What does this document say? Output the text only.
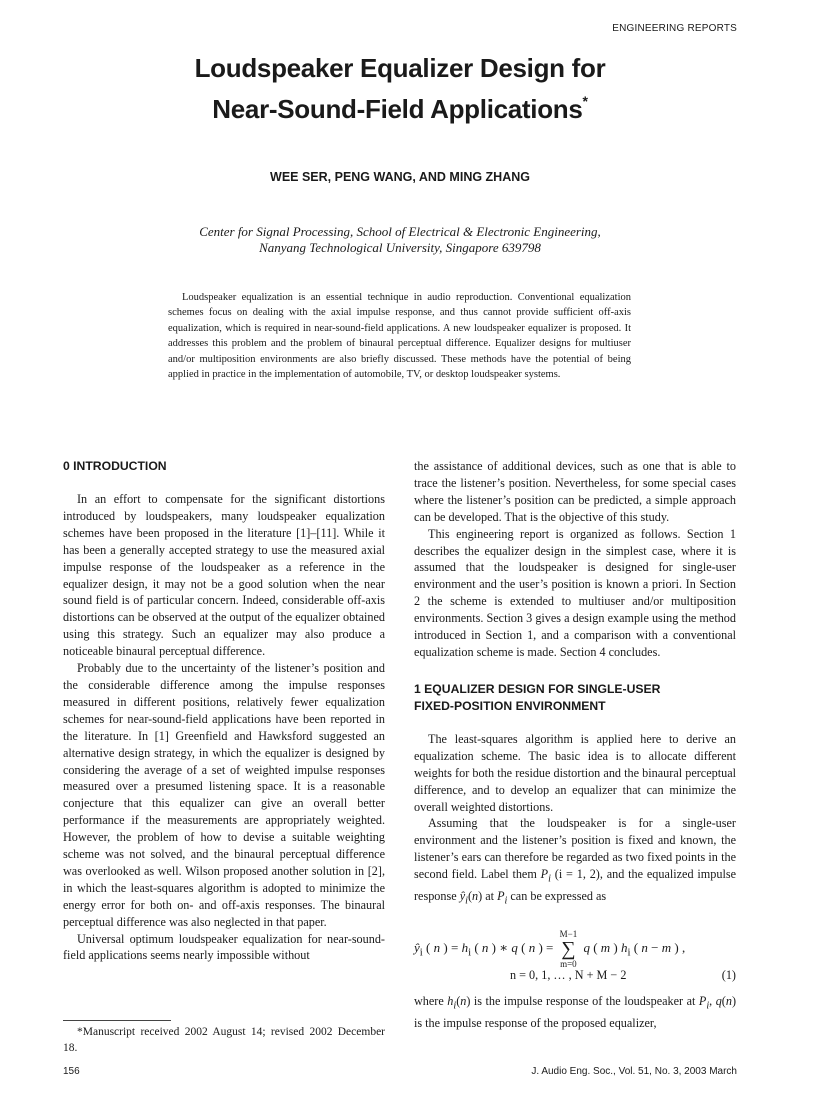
ENGINEERING REPORTS
Loudspeaker Equalizer Design for
Near-Sound-Field Applications*
WEE SER, PENG WANG, AND MING ZHANG
Center for Signal Processing, School of Electrical & Electronic Engineering,
Nanyang Technological University, Singapore 639798

Loudspeaker equalization is an essential technique in audio reproduction. Conventional equalization schemes focus on dealing with the axial impulse response, and thus cannot provide sufficient off-axis equalization, which is required in near-sound-field applications. A new loudspeaker equalizer is proposed. It addresses this problem and the problem of binaural perceptual difference. Equalizer designs for multiuser and/or multiposition environments are also briefly discussed. These methods have the potential of being applied in practice in the implementation of automobile, TV, or desktop loudspeaker systems.

0 INTRODUCTION

In an effort to compensate for the significant distortions introduced by loudspeakers, many loudspeaker equalization schemes have been proposed in the literature [1]–[11]. While it has been a generally accepted strategy to use the measured axial impulse response of the loudspeaker as a reference in the equalizer design, it may not be a good solution when the near sound field is of particular concern. Indeed, considerable off-axis distortions can be observed at the output of the equalizer obtained using this strategy. Such an equalizer may also produce a noticeable binaural perceptual difference.

Probably due to the uncertainty of the listener’s position and the considerable difference among the impulse responses measured in different positions, relatively fewer equalization schemes for near-sound-field applications have been reported in the literature. In [1] Greenfield and Hawksford suggested an alternative design strategy, in which the equalizer is designed by considering the average of a set of weighted impulse responses measured over a presumed listening space. It is a reasonable conjecture that this equalizer can give an overall better performance if the measurements are appropriately weighted. However, the problem of how to devise a suitable weighting scheme was not solved, and the binaural perceptual difference was overlooked as well. Wilson proposed another solution in [2], in which the least-squares algorithm is adopted to minimize the energy error for both on- and off-axis responses. The binaural perceptual difference was also neglected in that paper.

Universal optimum loudspeaker equalization for near-sound-field applications seems nearly impossible without

*Manuscript received 2002 August 14; revised 2002 December 18.

the assistance of additional devices, such as one that is able to trace the listener’s position. Nevertheless, for some special cases where the listener’s position can be predicted, a simple approach can be developed. That is the objective of this study.

This engineering report is organized as follows. Section 1 describes the equalizer design in the simplest case, where it is assumed that the loudspeaker is designed for single-user environment and the user’s position is known a priori. In Section 2 the scheme is extended to multiuser and/or multiposition environments. Section 3 gives a design example using the method introduced in Section 1, and a comparison with a conventional equalization scheme is made. Section 4 concludes.

1 EQUALIZER DESIGN FOR SINGLE-USER
FIXED-POSITION ENVIRONMENT

The least-squares algorithm is applied here to derive an equalization scheme. The basic idea is to allocate different weights for both the residue distortion and the binaural perceptual difference, and to develop an equalizer that can minimize the overall weighted distortions.

Assuming that the loudspeaker is for a single-user environment and the listener’s position is fixed and known, the listener’s ears can therefore be regarded as two fixed points in the second field. Label them $P_i$ (i = 1, 2), and the equalized impulse response $ŷ_i(n)$ at $P_i$ can be expressed as

$ŷ_i$ ( n ) = $h_i$ ( n ) ∗ q ( n ) =
M−1
∑
m=0
q ( m ) $h_i$ ( n − m ) ,
n = 0, 1, … , N + M − 2	(1)

where $h_i(n)$ is the impulse response of the loudspeaker at $P_i$, q(n) is the impulse response of the proposed equalizer,

156	J. Audio Eng. Soc., Vol. 51, No. 3, 2003 March
